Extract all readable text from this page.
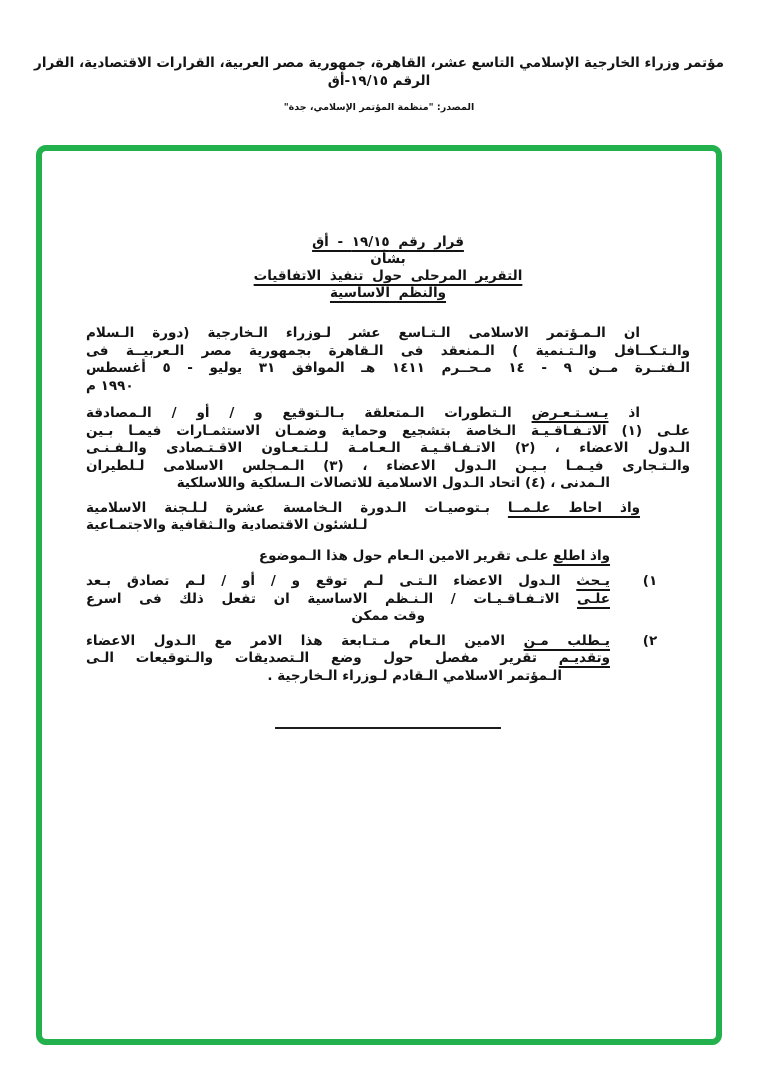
مؤتمر وزراء الخارجية الإسلامي التاسع عشر، القاهرة، جمهورية مصر العربية، القرارات الاقتصادية، القرار الرقم ١٩/١٥-أق
المصدر: "منظمة المؤتمر الإسلامي، جدة"
قرار رقم ١٩/١٥ - أق
بشأن
التقرير المرحلى حول تنفيذ الاتفاقيات
والنظم الاساسية
ان الـمـؤتمر الاسلامى الـتـاسع عشر لـوزراء الـخارجية (دورة الـسلام
والـتـكــافل والـتـنمية ) الـمنعقد فى الـقاهرة بجمهورية مصر الـعربيــة فى
الـفتــرة مــن ٩ - ١٤ مـحــرم ١٤١١ هـ الموافق ٣١ يوليو - ٥ أغسطس
١٩٩٠ م
اذ يـسـتـعـرض الـتطورات الـمتعلقة بـالـتوقيع و / أو / الـمصادقة
علـى (١) الاتـفـاقـيـة الـخاصة بتشجيع وحماية وضمـان الاستثمـارات فيمـا بـين
الـدول الاعضاء ، (٢) الاتـفـاقـيـة الـعـامـة لـلـتـعـاون الاقـتـصادى والـفـنـى
والـتـجارى فيـمـا بـيـن الـدول الاعضاء ، (٣) الـمـجلس الاسلامى لـلطيران
الـمدنى ، (٤) اتحاد الـدول الاسلامية للاتصالات الـسلكية واللاسلكية
واذ احاط علـمــا بـتوصيـات الـدورة الـخامسة عشرة لـلـجنة الاسلامية
لـلشئون الاقتصادية والـثقافية والاجتمـاعية
واذ اطلع علـى تقرير الامين الـعام حول هذا الـموضوع
١)
يـحث الـدول الاعضاء الـتـى لـم توقع و / أو / لـم تصادق بـعد
علـى الاتـفـاقـيـات / الـنـظم الاساسية ان تفعل ذلك فى اسرع
وقت ممكن
٢)
يـطلب مـن الامين الـعام مـتـابعة هذا الامر مع الـدول الاعضاء
وتقديـم تقرير مفصل حول وضع الـتصديقات والـتوقيعات الـى
الـمؤتمر الاسلامي الـقادم لـوزراء الـخارجية .
